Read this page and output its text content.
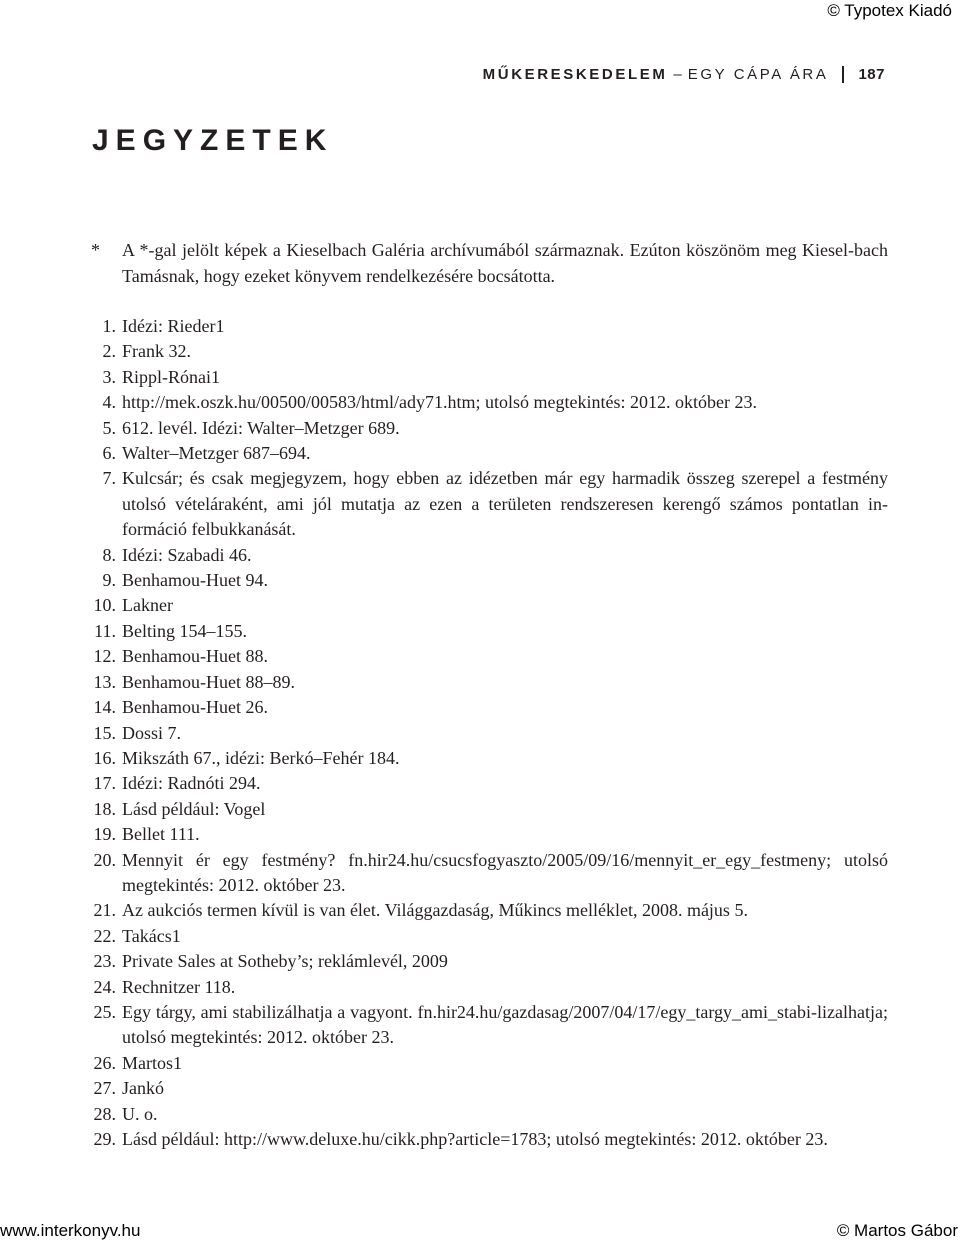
© Typotex Kiadó
MŰKERESKEDELEM – EGY CÁPA ÁRA 187
JEGYZETEK
* A *-gal jelölt képek a Kieselbach Galéria archívumából származnak. Ezúton köszönöm meg Kiesel-bach Tamásnak, hogy ezeket könyvem rendelkezésére bocsátotta.
1. Idézi: Rieder1
2. Frank 32.
3. Rippl-Rónai1
4. http://mek.oszk.hu/00500/00583/html/ady71.htm; utolsó megtekintés: 2012. október 23.
5. 612. levél. Idézi: Walter–Metzger 689.
6. Walter–Metzger 687–694.
7. Kulcsár; és csak megjegyzem, hogy ebben az idézetben már egy harmadik összeg szerepel a festmény utolsó vételáraként, ami jól mutatja az ezen a területen rendszeresen kerengő számos pontatlan in-formáció felbukkanását.
8. Idézi: Szabadi 46.
9. Benhamou-Huet 94.
10. Lakner
11. Belting 154–155.
12. Benhamou-Huet 88.
13. Benhamou-Huet 88–89.
14. Benhamou-Huet 26.
15. Dossi 7.
16. Mikszáth 67., idézi: Berkó–Fehér 184.
17. Idézi: Radnóti 294.
18. Lásd például: Vogel
19. Bellet 111.
20. Mennyit ér egy festmény? fn.hir24.hu/csucsfogyaszto/2005/09/16/mennyit_er_egy_festmeny; utolsó megtekintés: 2012. október 23.
21. Az aukciós termen kívül is van élet. Világgazdaság, Műkincs melléklet, 2008. május 5.
22. Takács1
23. Private Sales at Sotheby’s; reklámlevél, 2009
24. Rechnitzer 118.
25. Egy tárgy, ami stabilizálhatja a vagyont. fn.hir24.hu/gazdasag/2007/04/17/egy_targy_ami_stabi-lizalhatja; utolsó megtekintés: 2012. október 23.
26. Martos1
27. Jankó
28. U. o.
29. Lásd például: http://www.deluxe.hu/cikk.php?article=1783; utolsó megtekintés: 2012. október 23.
www.interkonyv.hu	© Martos Gábor
